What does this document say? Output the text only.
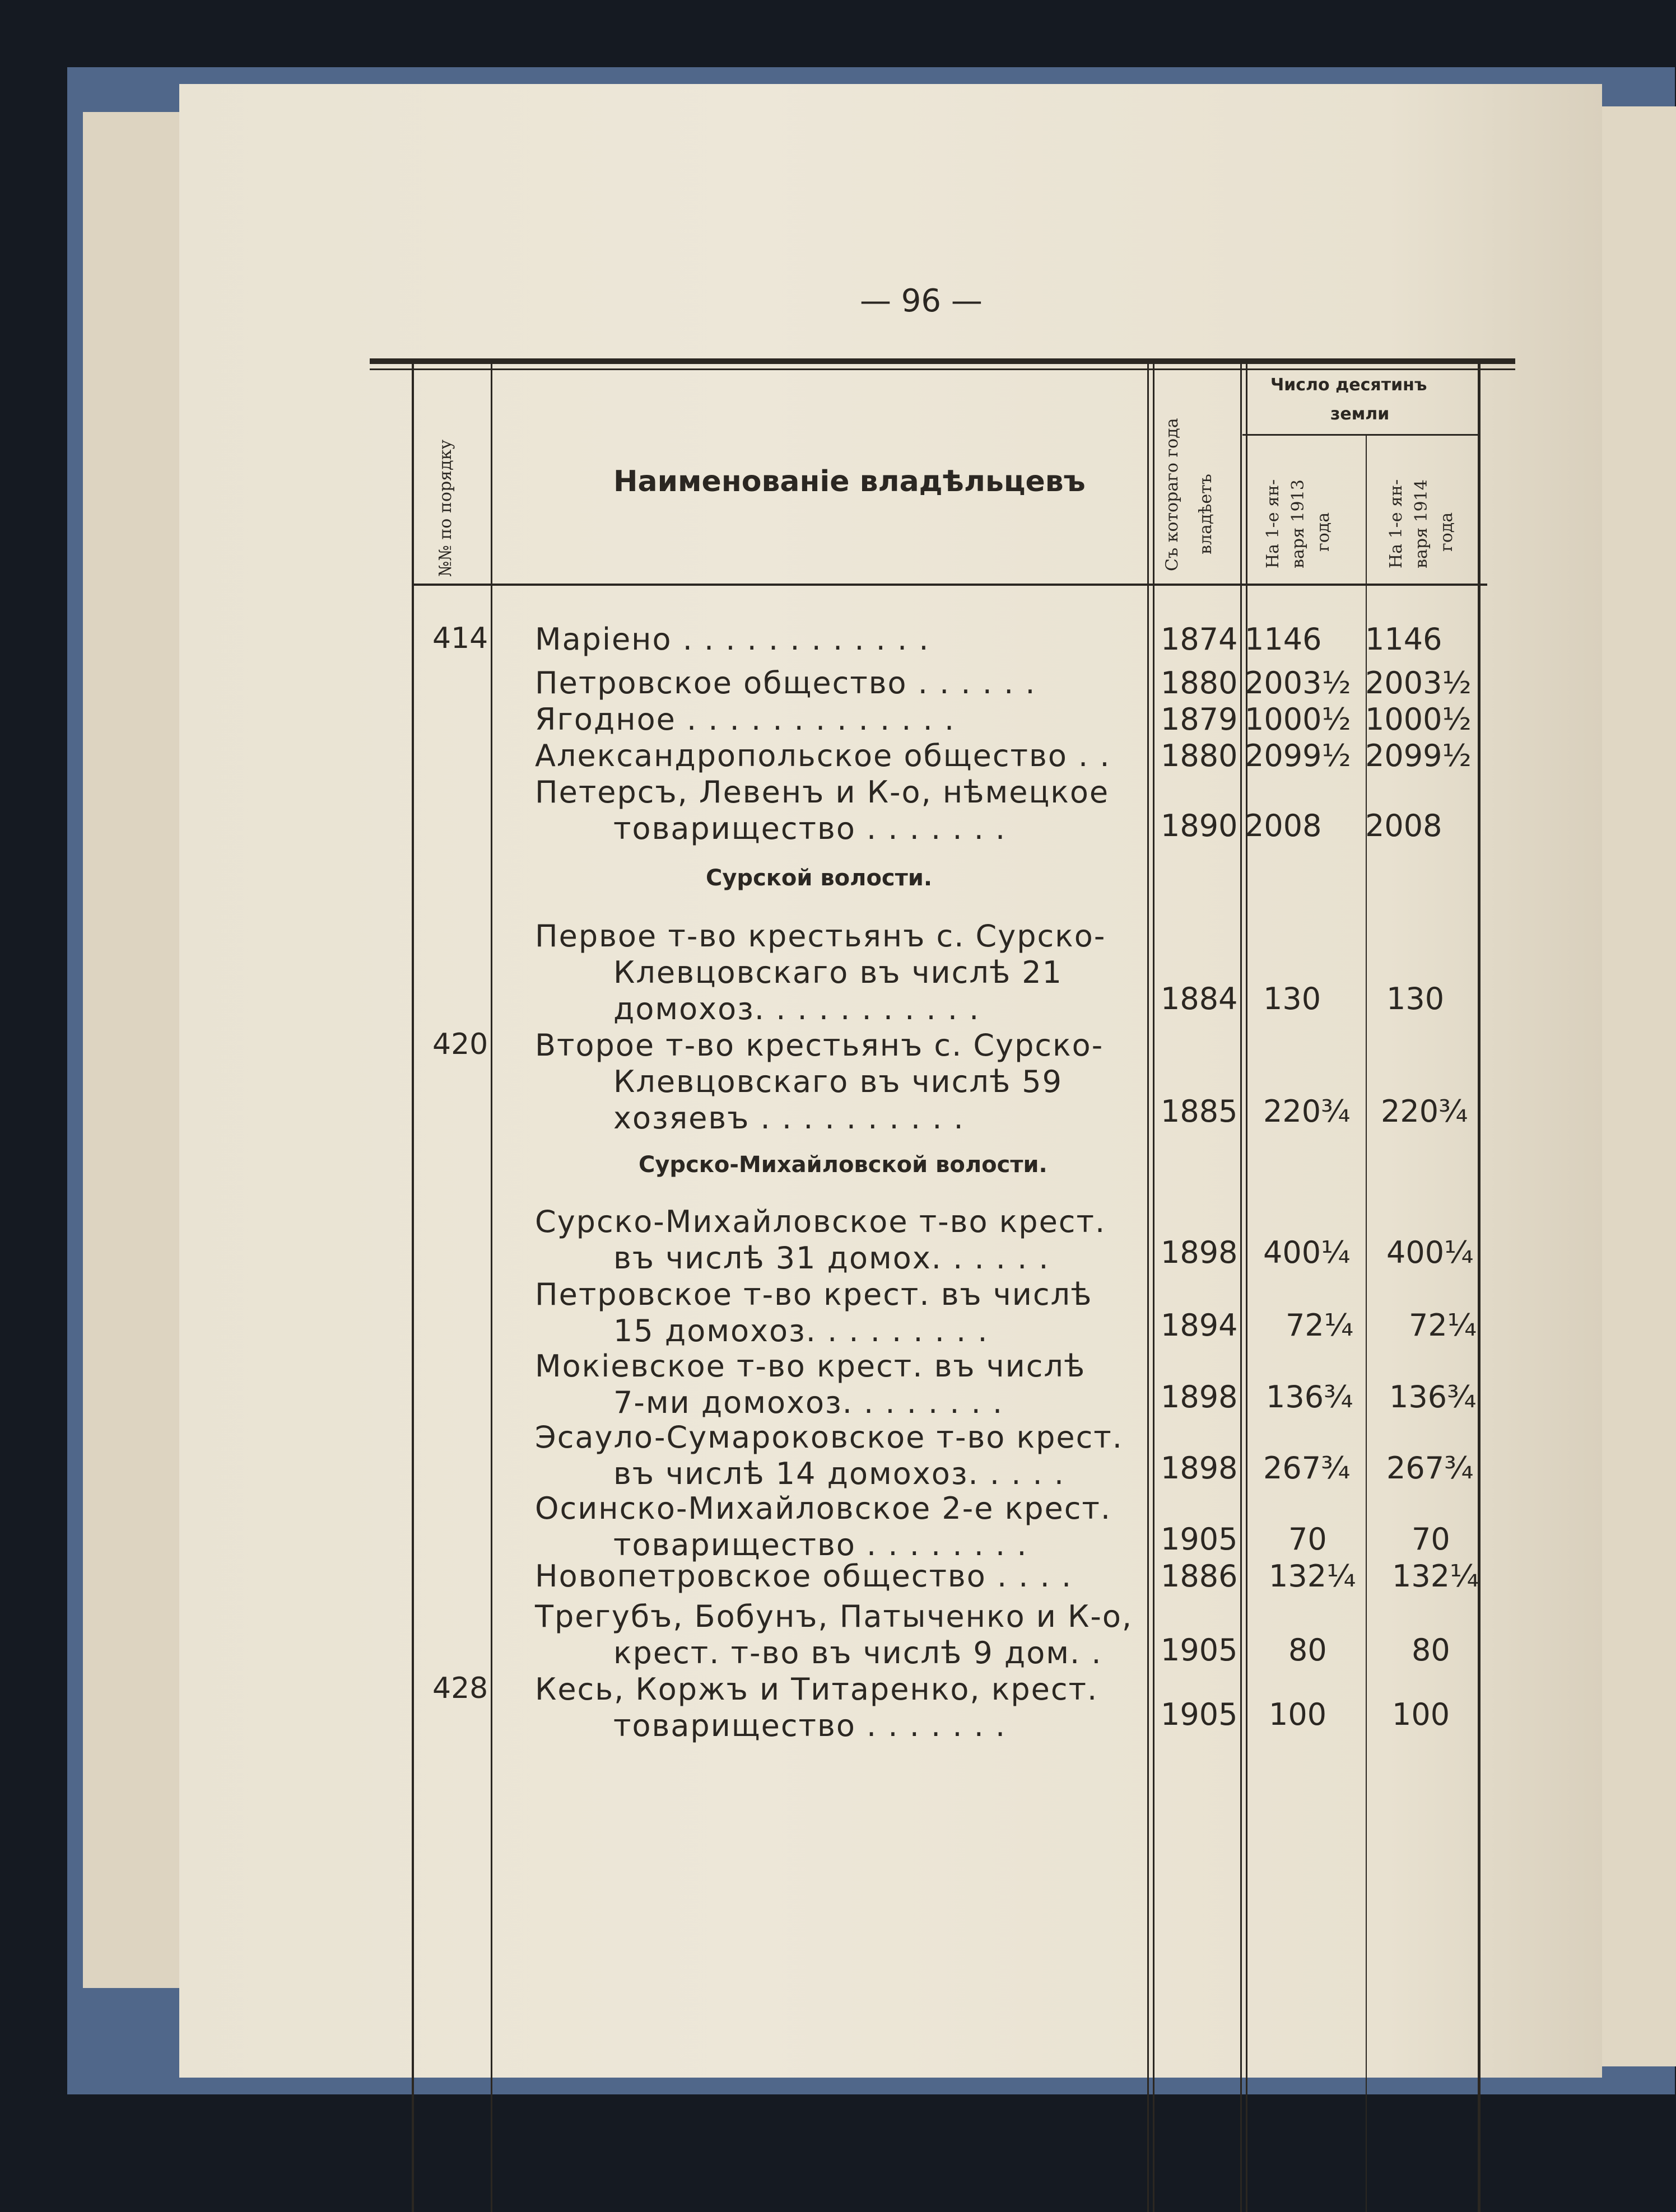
— 96 —
№№ по порядку	Наименованіе владѣльцевъ	Съ котораго года владѣетъ
Число десятинъ
земли
На 1-е ян- варя 1913 года	На 1-е ян- варя 1914 года
414 Маріено . . . . . . . . . . . .	1874 1146 1146
Петровское общество . . . . . .	1880 2003½ 2003½
Ягодное . . . . . . . . . . . . .	1879 1000½ 1000½
Александропольское общество . . 1880 2099½ 2099½
Петерсъ, Левенъ и К-о, нѣмецкое
товарищество . . . . . . .	1890 2008 2008
Сурской волости.
Первое т-во крестьянъ с. Сурско-
Клевцовскаго въ числѣ 21
домохоз. . . . . . . . . . .	1884 130 130
420 Второе т-во крестьянъ с. Сурско-
Клевцовскаго въ числѣ 59
хозяевъ . . . . . . . . . .	1885 220¾ 220¾
Сурско-Михайловской волости.
Сурско-Михайловское т-во крест.
въ числѣ 31 домох. . . . . .	1898 400¼ 400¼
Петровское т-во крест. въ числѣ
15 домохоз. . . . . . . . .	1894 72¼ 72¼
Мокіевское т-во крест. въ числѣ
7-ми домохоз. . . . . . . .	1898 136¾ 136¾
Эсаулo-Сумароковское т-во крест.
въ числѣ 14 домохоз. . . . .	1898 267¾ 267¾
Осинско-Михайловское 2-е крест.
товарищество . . . . . . . .	1905 70	70
Новопетровское общество . . . .	1886 132¼ 132¼
Трегубъ, Бобунъ, Патыченко и К-о,
крест. т-во въ числѣ 9 дом. . 1905 80	80
428 Кесь, Коржъ и Титаренко, крест.
товарищество . . . . . . .	1905 100 100
